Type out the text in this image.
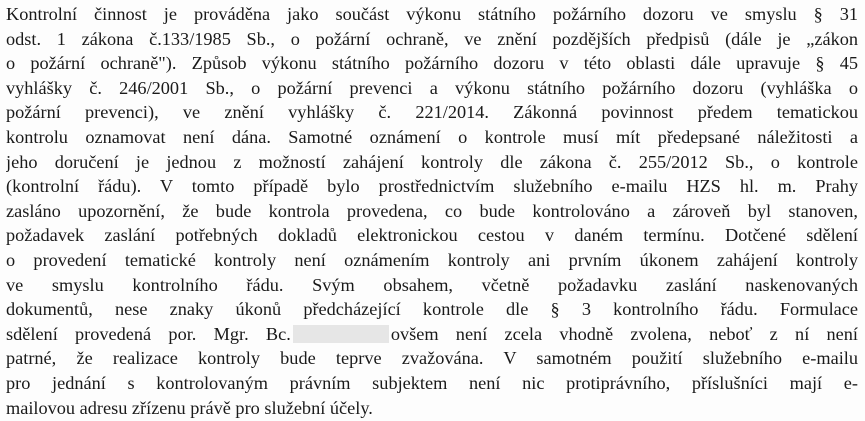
Kontrolní činnost je prováděna jako součást výkonu státního požárního dozoru ve smyslu § 31
odst. 1 zákona č.133/1985 Sb., o požární ochraně, ve znění pozdějších předpisů (dále je „zákon
o požární ochraně"). Způsob výkonu státního požárního dozoru v této oblasti dále upravuje § 45
vyhlášky č. 246/2001 Sb., o požární prevenci a výkonu státního požárního dozoru (vyhláška o
požární prevenci), ve znění vyhlášky č. 221/2014. Zákonná povinnost předem tematickou
kontrolu oznamovat není dána. Samotné oznámení o kontrole musí mít předepsané náležitosti a
jeho doručení je jednou z možností zahájení kontroly dle zákona č. 255/2012 Sb., o kontrole
(kontrolní řádu). V tomto případě bylo prostřednictvím služebního e-mailu HZS hl. m. Prahy
zasláno upozornění, že bude kontrola provedena, co bude kontrolováno a zároveň byl stanoven,
požadavek zaslání potřebných dokladů elektronickou cestou v daném termínu. Dotčené sdělení
o provedení tematické kontroly není oznámením kontroly ani prvním úkonem zahájení kontroly
ve smyslu kontrolního řádu. Svým obsahem, včetně požadavku zaslání naskenovaných
dokumentů, nese znaky úkonů předcházející kontrole dle § 3 kontrolního řádu. Formulace
sdělení provedená por. Mgr. Bc.	ovšem není zcela vhodně zvolena, neboť z ní není
patrné, že realizace kontroly bude teprve zvažována. V samotném použití služebního e-mailu
pro jednání s kontrolovaným právním subjektem není nic protiprávního, příslušníci mají e-
mailovou adresu zřízenu právě pro služební účely.
